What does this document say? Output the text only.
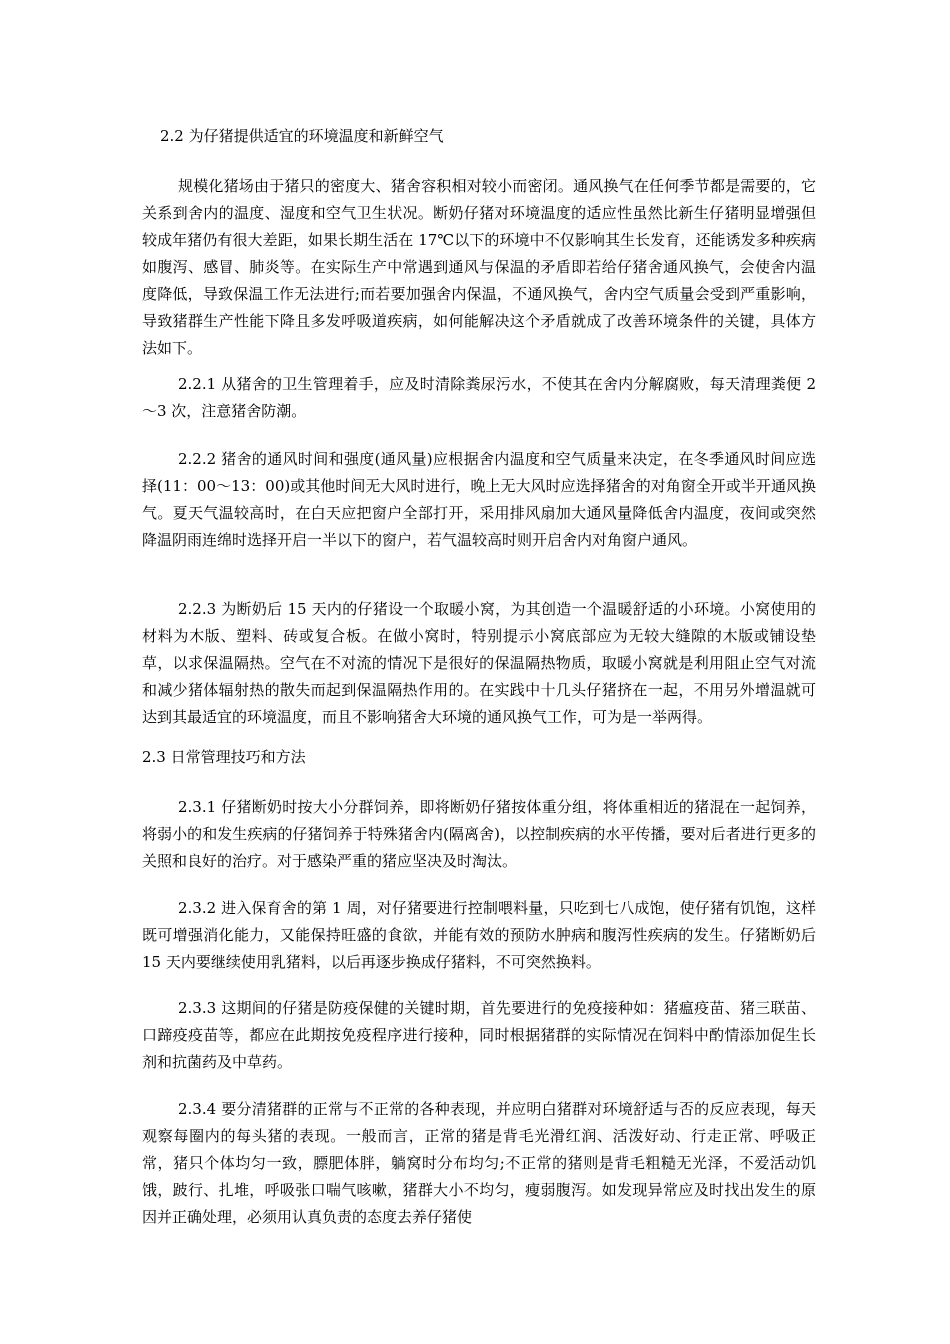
2.2 为仔猪提供适宜的环境温度和新鲜空气

规模化猪场由于猪只的密度大、猪舍容积相对较小而密闭。通风换气在任何季节都是需要的，它关系到舍内的温度、湿度和空气卫生状况。断奶仔猪对环境温度的适应性虽然比新生仔猪明显增强但较成年猪仍有很大差距，如果长期生活在 17℃以下的环境中不仅影响其生长发育，还能诱发多种疾病如腹泻、感冒、肺炎等。在实际生产中常遇到通风与保温的矛盾即若给仔猪舍通风换气，会使舍内温度降低，导致保温工作无法进行;而若要加强舍内保温，不通风换气，舍内空气质量会受到严重影响，导致猪群生产性能下降且多发呼吸道疾病，如何能解决这个矛盾就成了改善环境条件的关键，具体方法如下。

2.2.1 从猪舍的卫生管理着手，应及时清除粪尿污水，不使其在舍内分解腐败，每天清理粪便 2～3 次，注意猪舍防潮。

2.2.2 猪舍的通风时间和强度(通风量)应根据舍内温度和空气质量来决定，在冬季通风时间应选择(11：00～13：00)或其他时间无大风时进行，晚上无大风时应选择猪舍的对角窗全开或半开通风换气。夏天气温较高时，在白天应把窗户全部打开，采用排风扇加大通风量降低舍内温度，夜间或突然降温阴雨连绵时选择开启一半以下的窗户，若气温较高时则开启舍内对角窗户通风。

2.2.3 为断奶后 15 天内的仔猪设一个取暖小窝，为其创造一个温暖舒适的小环境。小窝使用的材料为木版、塑料、砖或复合板。在做小窝时，特别提示小窝底部应为无较大缝隙的木版或铺设垫草，以求保温隔热。空气在不对流的情况下是很好的保温隔热物质，取暖小窝就是利用阻止空气对流和减少猪体辐射热的散失而起到保温隔热作用的。在实践中十几头仔猪挤在一起，不用另外增温就可达到其最适宜的环境温度，而且不影响猪舍大环境的通风换气工作，可为是一举两得。

2.3 日常管理技巧和方法

2.3.1 仔猪断奶时按大小分群饲养，即将断奶仔猪按体重分组，将体重相近的猪混在一起饲养，将弱小的和发生疾病的仔猪饲养于特殊猪舍内(隔离舍)，以控制疾病的水平传播，要对后者进行更多的关照和良好的治疗。对于感染严重的猪应坚决及时淘汰。

2.3.2 进入保育舍的第 1 周，对仔猪要进行控制喂料量，只吃到七八成饱，使仔猪有饥饱，这样既可增强消化能力，又能保持旺盛的食欲，并能有效的预防水肿病和腹泻性疾病的发生。仔猪断奶后 15 天内要继续使用乳猪料，以后再逐步换成仔猪料，不可突然换料。

2.3.3 这期间的仔猪是防疫保健的关键时期，首先要进行的免疫接种如：猪瘟疫苗、猪三联苗、口蹄疫疫苗等，都应在此期按免疫程序进行接种，同时根据猪群的实际情况在饲料中酌情添加促生长剂和抗菌药及中草药。

2.3.4 要分清猪群的正常与不正常的各种表现，并应明白猪群对环境舒适与否的反应表现，每天观察每圈内的每头猪的表现。一般而言，正常的猪是背毛光滑红润、活泼好动、行走正常、呼吸正常，猪只个体均匀一致，膘肥体胖，躺窝时分布均匀;不正常的猪则是背毛粗糙无光泽，不爱活动饥饿，跛行、扎堆，呼吸张口喘气咳嗽，猪群大小不均匀，瘦弱腹泻。如发现异常应及时找出发生的原因并正确处理，必须用认真负责的态度去养仔猪使
